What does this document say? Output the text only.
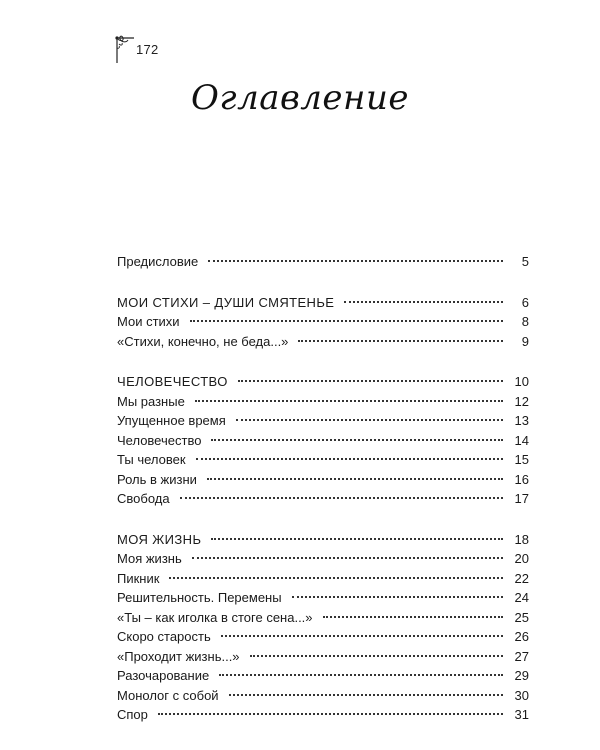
172
Оглавление
Предисловие	5
МОИ СТИХИ – ДУШИ СМЯТЕНЬЕ	6
Мои стихи	8
«Стихи, конечно, не беда...»	9
ЧЕЛОВЕЧЕСТВО	10
Мы разные	12
Упущенное время	13
Человечество	14
Ты человек	15
Роль в жизни	16
Свобода	17
МОЯ ЖИЗНЬ	18
Моя жизнь	20
Пикник	22
Решительность. Перемены	24
«Ты – как иголка в стоге сена...»	25
Скоро старость	26
«Проходит жизнь...»	27
Разочарование	29
Монолог с собой	30
Спор	31
